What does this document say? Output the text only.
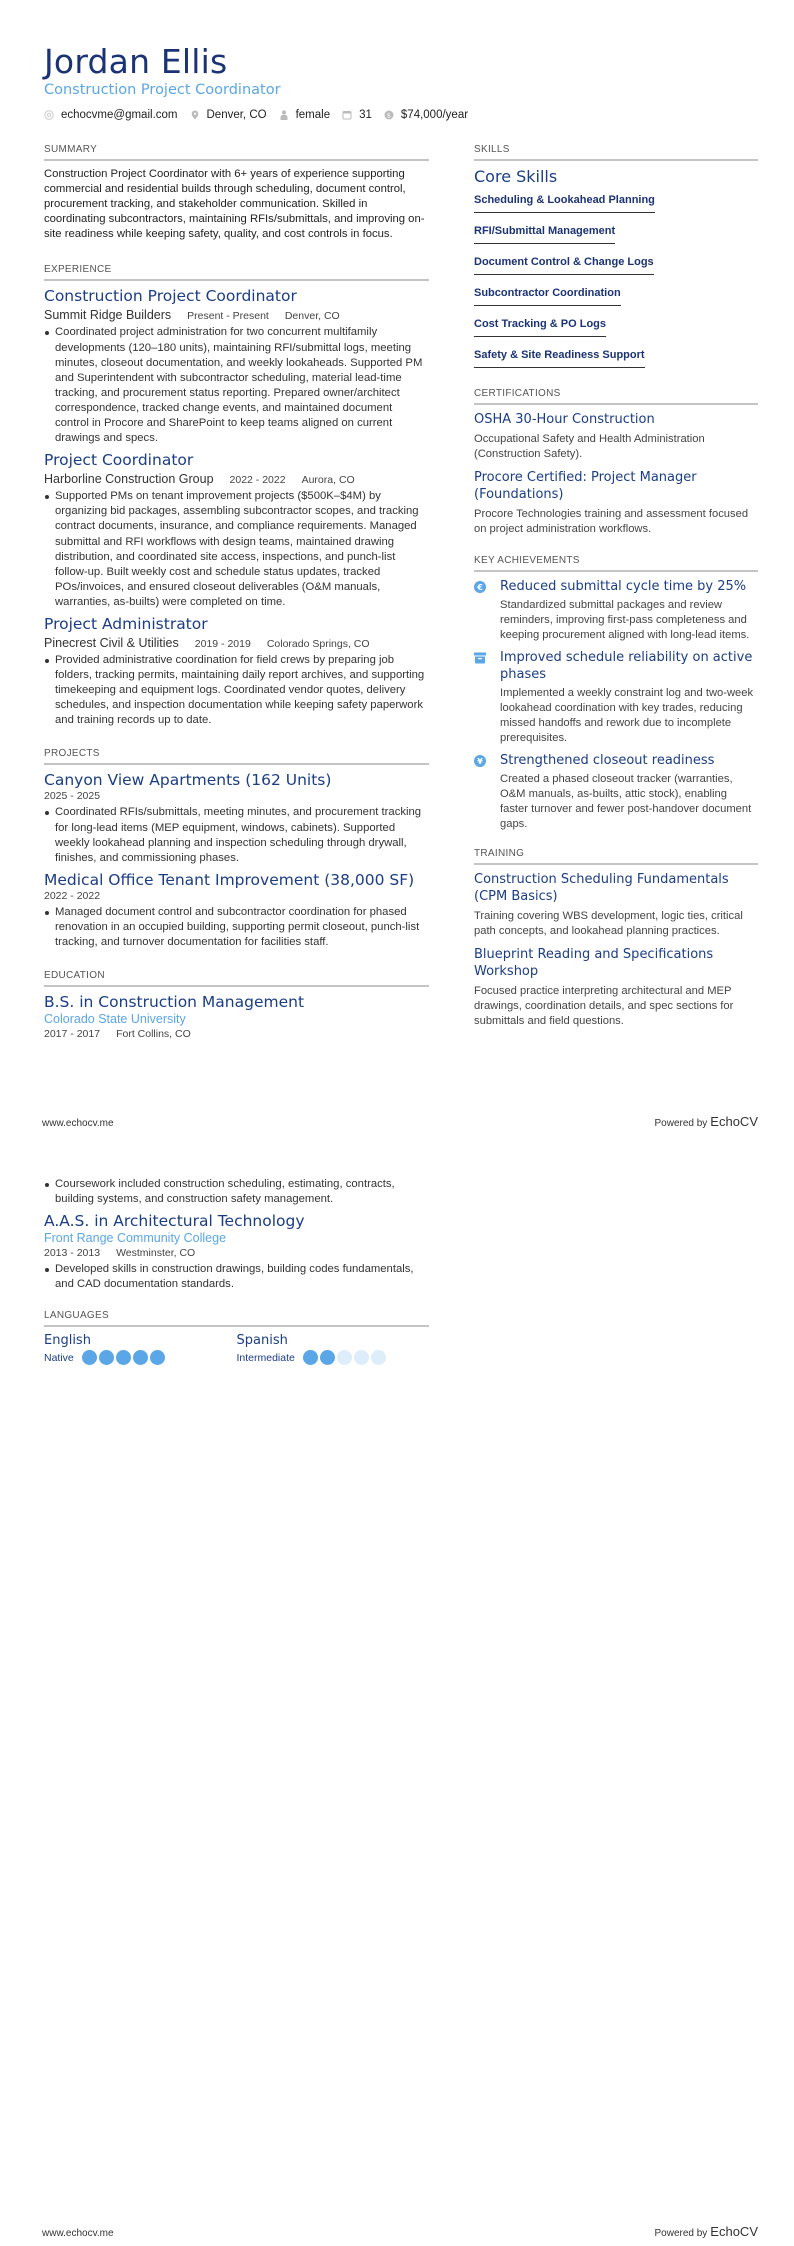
Jordan Ellis
Construction Project Coordinator
echocvme@gmail.com	Denver, CO	female	31 $ $74,000/year
SUMMARY
Construction Project Coordinator with 6+ years of experience supporting commercial and residential builds through scheduling, document control, procurement tracking, and stakeholder communication. Skilled in coordinating subcontractors, maintaining RFIs/submittals, and improving on-site readiness while keeping safety, quality, and cost controls in focus.
EXPERIENCE
Construction Project Coordinator
Summit Ridge Builders Present - Present Denver, CO
Coordinated project administration for two concurrent multifamily developments (120–180 units), maintaining RFI/submittal logs, meeting minutes, closeout documentation, and weekly lookaheads. Supported PM and Superintendent with subcontractor scheduling, material lead-time tracking, and procurement status reporting. Prepared owner/architect correspondence, tracked change events, and maintained document control in Procore and SharePoint to keep teams aligned on current drawings and specs.
Project Coordinator
Harborline Construction Group 2022 - 2022 Aurora, CO
Supported PMs on tenant improvement projects ($500K–$4M) by organizing bid packages, assembling subcontractor scopes, and tracking contract documents, insurance, and compliance requirements. Managed submittal and RFI workflows with design teams, maintained drawing distribution, and coordinated site access, inspections, and punch-list follow-up. Built weekly cost and schedule status updates, tracked POs/invoices, and ensured closeout deliverables (O&M manuals, warranties, as-builts) were completed on time.
Project Administrator
Pinecrest Civil & Utilities 2019 - 2019 Colorado Springs, CO
Provided administrative coordination for field crews by preparing job folders, tracking permits, maintaining daily report archives, and supporting timekeeping and equipment logs. Coordinated vendor quotes, delivery schedules, and inspection documentation while keeping safety paperwork and training records up to date.
PROJECTS
Canyon View Apartments (162 Units)
2025 - 2025
Coordinated RFIs/submittals, meeting minutes, and procurement tracking for long-lead items (MEP equipment, windows, cabinets). Supported weekly lookahead planning and inspection scheduling through drywall, finishes, and commissioning phases.
Medical Office Tenant Improvement (38,000 SF)
2022 - 2022
Managed document control and subcontractor coordination for phased renovation in an occupied building, supporting permit closeout, punch-list tracking, and turnover documentation for facilities staff.
EDUCATION
B.S. in Construction Management
Colorado State University
2017 - 2017 Fort Collins, CO
SKILLS
Core Skills
Scheduling & Lookahead Planning
RFI/Submittal Management
Document Control & Change Logs
Subcontractor Coordination
Cost Tracking & PO Logs
Safety & Site Readiness Support
CERTIFICATIONS
OSHA 30-Hour Construction
Occupational Safety and Health Administration (Construction Safety).
Procore Certified: Project Manager (Foundations)
Procore Technologies training and assessment focused on project administration workflows.
KEY ACHIEVEMENTS
€ Reduced submittal cycle time by 25%
Standardized submittal packages and review reminders, improving first-pass completeness and keeping procurement aligned with long-lead items.
Improved schedule reliability on active phases
Implemented a weekly constraint log and two-week lookahead coordination with key trades, reducing missed handoffs and rework due to incomplete prerequisites.
¥ Strengthened closeout readiness
Created a phased closeout tracker (warranties, O&M manuals, as-builts, attic stock), enabling faster turnover and fewer post-handover document gaps.
TRAINING
Construction Scheduling Fundamentals (CPM Basics)
Training covering WBS development, logic ties, critical path concepts, and lookahead planning practices.
Blueprint Reading and Specifications Workshop
Focused practice interpreting architectural and MEP drawings, coordination details, and spec sections for submittals and field questions.
www.echocv.me	Powered by EchoCV
Coursework included construction scheduling, estimating, contracts, building systems, and construction safety management.
A.A.S. in Architectural Technology
Front Range Community College
2013 - 2013 Westminster, CO
Developed skills in construction drawings, building codes fundamentals, and CAD documentation standards.
LANGUAGES
English
Native
Spanish
Intermediate
www.echocv.me	Powered by EchoCV
